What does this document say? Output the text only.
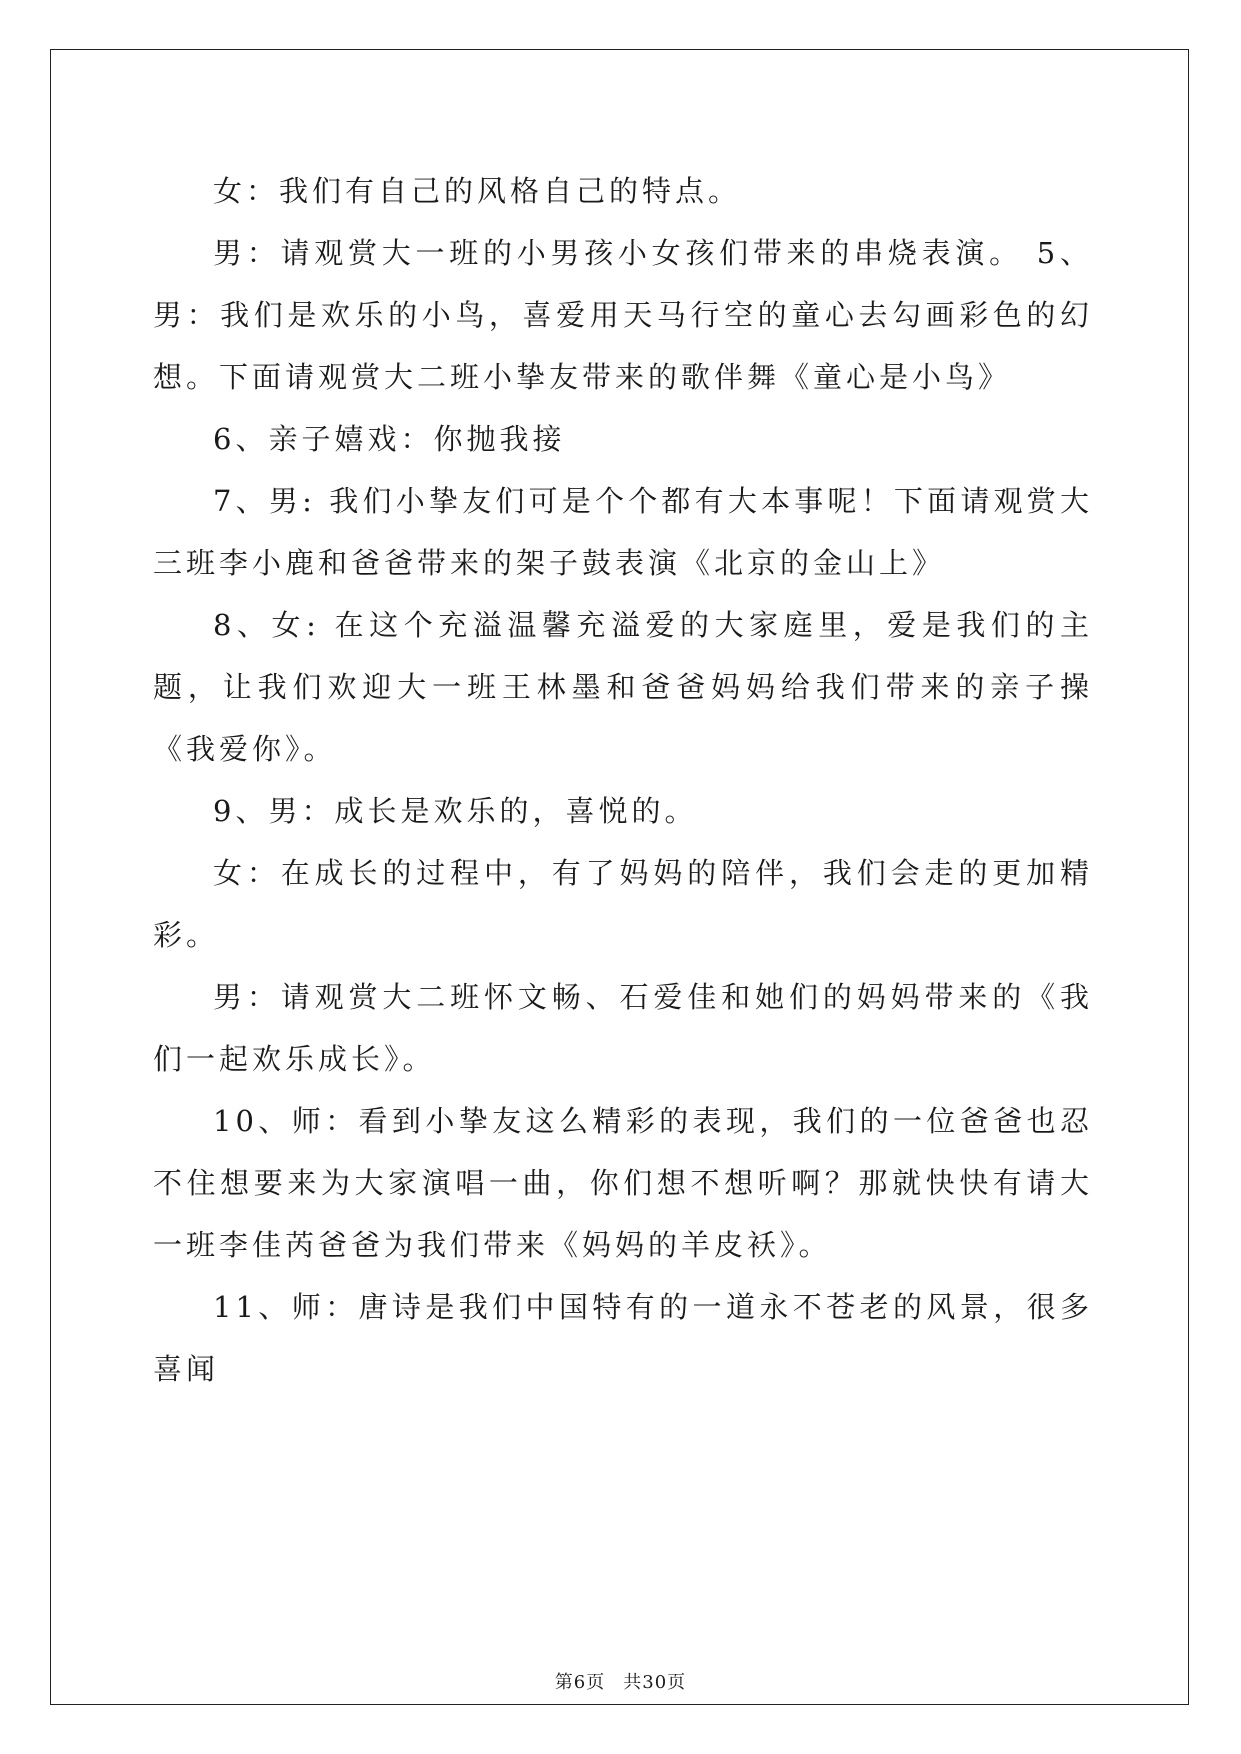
女：我们有自己的风格自己的特点。

男：请观赏大一班的小男孩小女孩们带来的串烧表演。 5、男：我们是欢乐的小鸟，喜爱用天马行空的童心去勾画彩色的幻想。下面请观赏大二班小挚友带来的歌伴舞《童心是小鸟》

6、亲子嬉戏：你抛我接

7、男: 我们小挚友们可是个个都有大本事呢！下面请观赏大三班李小鹿和爸爸带来的架子鼓表演《北京的金山上》

8、女: 在这个充溢温馨充溢爱的大家庭里，爱是我们的主题，让我们欢迎大一班王林墨和爸爸妈妈给我们带来的亲子操《我爱你》。

9、男：成长是欢乐的，喜悦的。

女：在成长的过程中，有了妈妈的陪伴，我们会走的更加精彩。

男：请观赏大二班怀文畅、石爱佳和她们的妈妈带来的《我们一起欢乐成长》。

10、师：看到小挚友这么精彩的表现，我们的一位爸爸也忍不住想要来为大家演唱一曲，你们想不想听啊？那就快快有请大一班李佳芮爸爸为我们带来《妈妈的羊皮袄》。

11、师：唐诗是我们中国特有的一道永不苍老的风景，很多喜闻

第6页 共30页
